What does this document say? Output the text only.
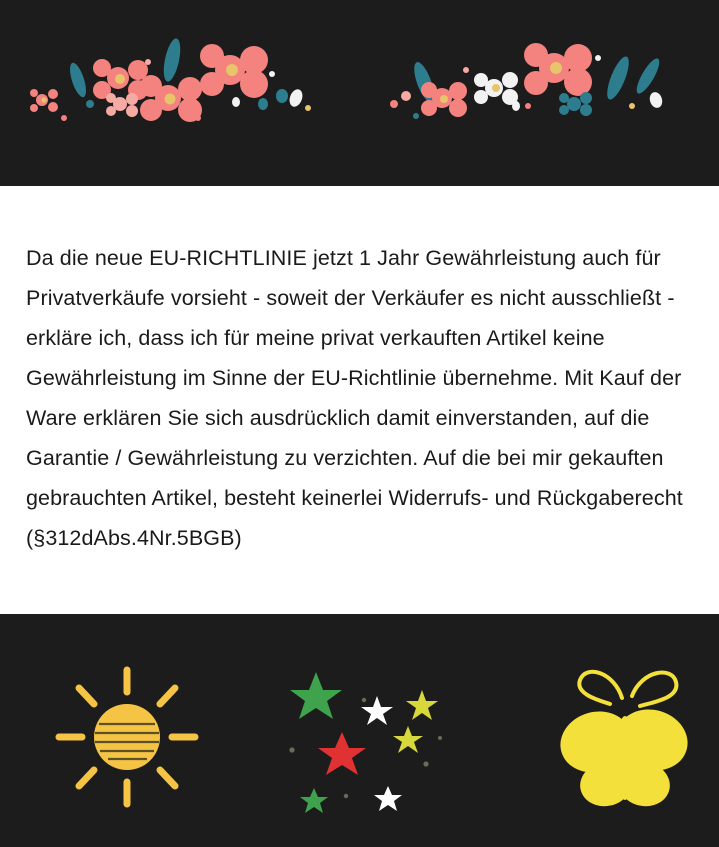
Da die neue EU-RICHTLINIE jetzt 1 Jahr Gewährleistung auch für Privatverkäufe vorsieht - soweit der Verkäufer es nicht ausschließt - erkläre ich, dass ich für meine privat verkauften Artikel keine Gewährleistung im Sinne der EU-Richtlinie übernehme. Mit Kauf der Ware erklären Sie sich ausdrücklich damit einverstanden, auf die Garantie / Gewährleistung zu verzichten. Auf die bei mir gekauften gebrauchten Artikel, besteht keinerlei Widerrufs- und Rückgaberecht (§312dAbs.4Nr.5BGB)
